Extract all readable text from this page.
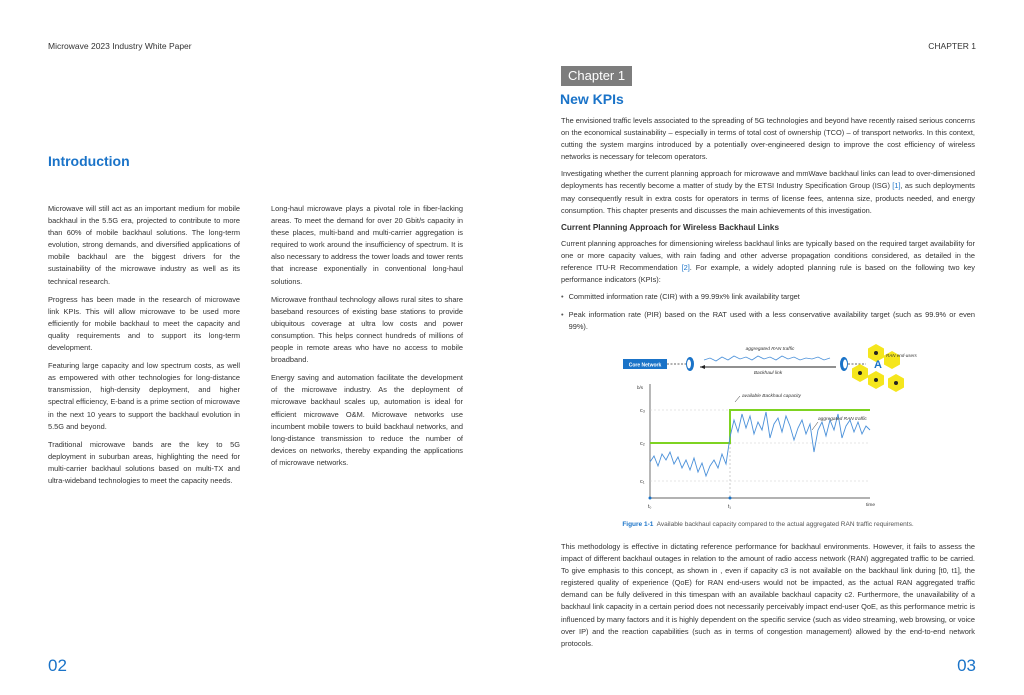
Microwave 2023 Industry White Paper	CHAPTER 1
Introduction

Microwave will still act as an important medium for mobile backhaul in the 5.5G era, projected to contribute to more than 60% of mobile backhaul solutions. The long-term evolution, strong demands, and diversified applications of mobile backhaul are the biggest drivers for the sustainability of the microwave industry as well as its technical research.

Progress has been made in the research of microwave link KPIs. This will allow microwave to be used more efficiently for mobile backhaul to meet the capacity and quality requirements and to support its long-term development.

Featuring large capacity and low spectrum costs, as well as empowered with other technologies for long-distance transmission, high-density deployment, and higher spectral efficiency, E-band is a prime section of microwave in the next 10 years to support the backhaul evolution in 5.5G and beyond.

Traditional microwave bands are the key to 5G deployment in suburban areas, highlighting the need for multi-carrier backhaul solutions based on multi-TX and ultra-wideband technologies to meet the capacity needs.

Long-haul microwave plays a pivotal role in fiber-lacking areas. To meet the demand for over 20 Gbit/s capacity in these places, multi-band and multi-carrier aggregation is required to work around the insufficiency of spectrum. It is also necessary to address the tower loads and tower rents that increase exponentially in conventional long-haul solutions.

Microwave fronthaul technology allows rural sites to share baseband resources of existing base stations to provide ubiquitous coverage at ultra low costs and power consumption. This helps connect hundreds of millions of people in remote areas who have no access to mobile broadband.

Energy saving and automation facilitate the development of the microwave industry. As the deployment of microwave backhaul scales up, automation is ideal for efficient microwave O&M. Microwave networks use incumbent mobile towers to build backhaul networks, and long-distance transmission to reduce the number of devices on networks, thereby expanding the applications of microwave networks.

02
Chapter 1
New KPIs

The envisioned traffic levels associated to the spreading of 5G technologies and beyond have recently raised serious concerns on the economical sustainability – especially in terms of total cost of ownership (TCO) – of transport networks. In this context, cutting the system margins introduced by a potentially over-engineered design to improve the cost efficiency of wireless networks is necessary for telecom operators.

Investigating whether the current planning approach for microwave and mmWave backhaul links can lead to over-dimensioned deployments has recently become a matter of study by the ETSI Industry Specification Group (ISG) [1], as such deployments may consequently result in extra costs for operators in terms of license fees, antenna size, products needed, and energy consumption. This chapter presents and discusses the main achievements of this investigation.

Current Planning Approach for Wireless Backhaul Links

Current planning approaches for dimensioning wireless backhaul links are typically based on the required target availability for one or more capacity values, with rain fading and other adverse propagation conditions considered, as detailed in the reference ITU-R Recommendation [2]. For example, a widely adopted planning rule is based on the following two key performance indicators (KPIs):

• Committed information rate (CIR) with a 99.99x% link availability target
• Peak information rate (PIR) based on the RAT used with a less conservative availability target (such as 99.9% or even 99%).
Core Network
aggregated RAN traffic
Backhaul link
A
RAN end-users
b/s
c₃
c₂
c₁
available Backhaul capacity
aggregated RAN traffic
t₀	t₁	time
Figure 1-1 Available backhaul capacity compared to the actual aggregated RAN traffic requirements.

This methodology is effective in dictating reference performance for backhaul environments. However, it fails to assess the impact of different backhaul outages in relation to the amount of radio access network (RAN) aggregated traffic to be carried. To give emphasis to this concept, as shown in , even if capacity c3 is not available on the backhaul link during [t0, t1], the registered quality of experience (QoE) for RAN end-users would not be impacted, as the actual RAN aggregated traffic demand can be fully delivered in this timespan with an available backhaul capacity c2. Furthermore, the unavailability of a backhaul link capacity in a certain period does not necessarily perceivably impact end-user QoE, as this performance metric is influenced by many factors and it is highly dependent on the specific service (such as video streaming, web browsing, or voice over IP) and the reaction capabilities (such as in terms of congestion management) allowed by the end-to-end network protocols.

03
